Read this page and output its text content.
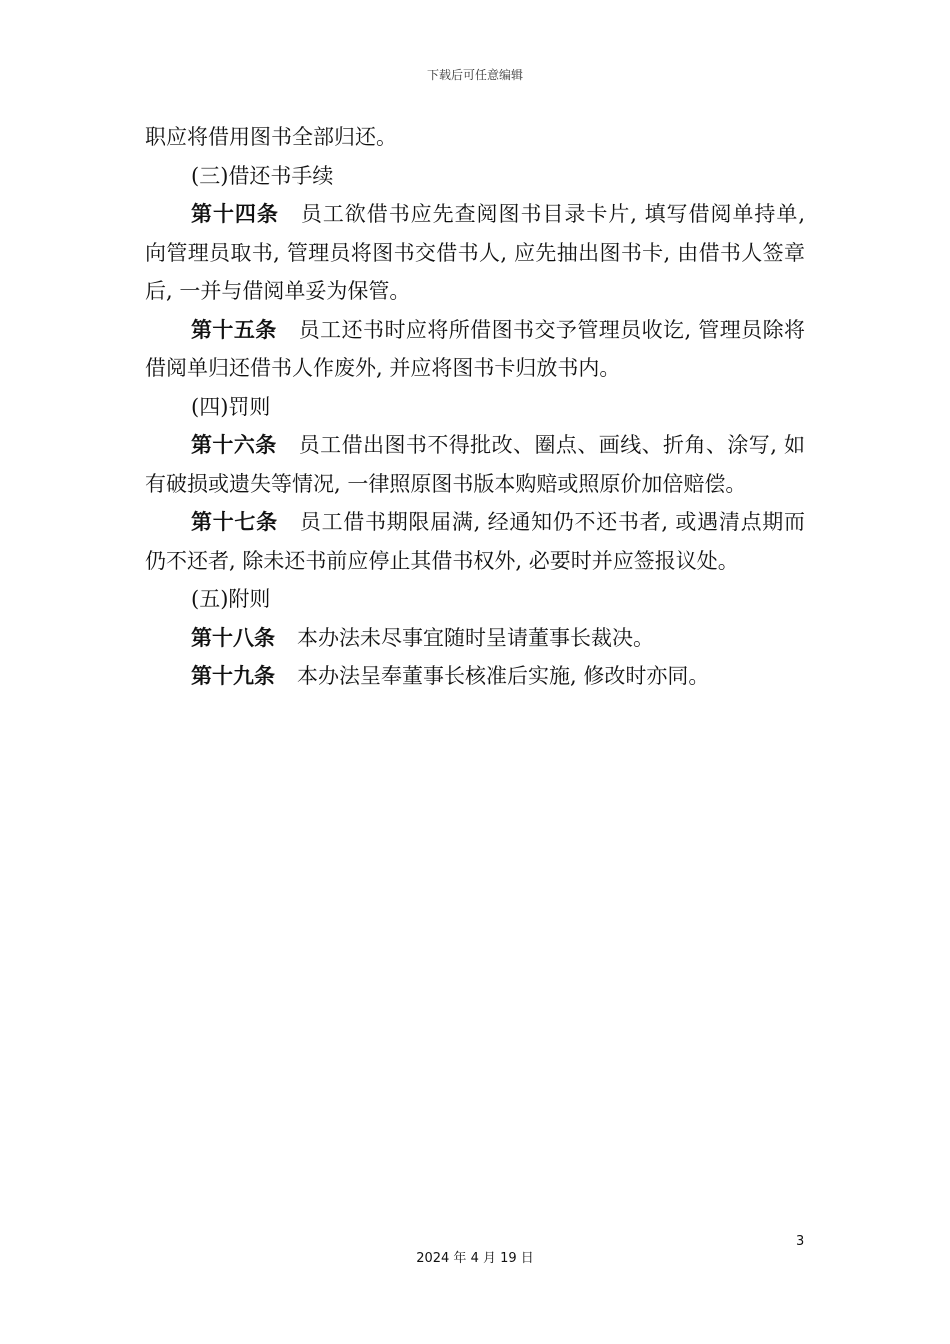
下载后可任意编辑

职应将借用图书全部归还。

(三)借还书手续

第十四条 员工欲借书应先查阅图书目录卡片, 填写借阅单持单, 向管理员取书, 管理员将图书交借书人, 应先抽出图书卡, 由借书人签章后, 一并与借阅单妥为保管。

第十五条 员工还书时应将所借图书交予管理员收讫, 管理员除将借阅单归还借书人作废外, 并应将图书卡归放书内。

(四)罚则

第十六条 员工借出图书不得批改、圈点、画线、折角、涂写, 如有破损或遗失等情况, 一律照原图书版本购赔或照原价加倍赔偿。

第十七条 员工借书期限届满, 经通知仍不还书者, 或遇清点期而仍不还者, 除未还书前应停止其借书权外, 必要时并应签报议处。

(五)附则

第十八条 本办法未尽事宜随时呈请董事长裁决。

第十九条 本办法呈奉董事长核准后实施, 修改时亦同。

3
2024 年 4 月 19 日
